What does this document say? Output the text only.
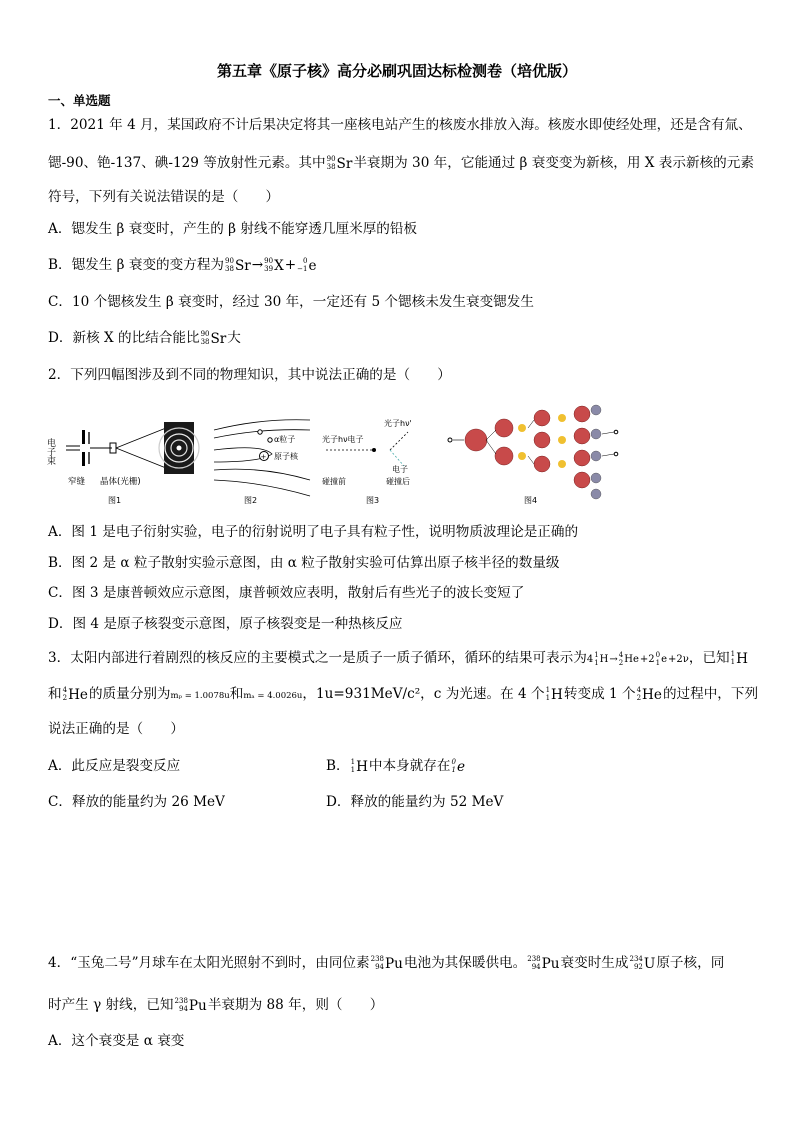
第五章《原子核》高分必刷巩固达标检测卷（培优版）
一、单选题
1．2021 年 4 月，某国政府不计后果决定将其一座核电站产生的核废水排放入海。核废水即使经处理，还是含有氚、
锶-90、铯-137、碘-129 等放射性元素。其中 90
38 Sr 半衰期为 30 年，它能通过 β 衰变变为新核，用 X 表示新核的元素
符号，下列有关说法错误的是（　　）
A．锶发生 β 衰变时，产生的 β 射线不能穿透几厘米厚的铅板
B．锶发生 β 衰变的变方程为 90
38 Sr → 90
39 X + 0
−1 e
C．10 个锶核发生 β 衰变时，经过 30 年，一定还有 5 个锶核未发生衰变锶发生
D．新核 X 的比结合能比 90
38 Sr 大
2．下列四幅图涉及到不同的物理知识，其中说法正确的是（　　）
电子束
窄缝 晶体(光栅)
图1
+
α粒子
原子核
图2
光子hν电子
光子hν'
碰撞前
电子
碰撞后
图3	图4
A．图 1 是电子衍射实验，电子的衍射说明了电子具有粒子性，说明物质波理论是正确的
B．图 2 是 α 粒子散射实验示意图，由 α 粒子散射实验可估算出原子核半径的数量级
C．图 3 是康普顿效应示意图，康普顿效应表明，散射后有些光子的波长变短了
D．图 4 是原子核裂变示意图，原子核裂变是一种热核反应
3．太阳内部进行着剧烈的核反应的主要模式之一是质子一质子循环，循环的结果可表示为4 1
1 H → 4
2 He +2 0
1 e +2ν，已知 1
1 H
和 4
2 He 的质量分别为mₚ = 1.0078u和mₐ = 4.0026u，1u=931MeV/c²，c 为光速。在 4 个 1
1 H 转变成 1 个 4
2 He 的过程中，下列
说法正确的是（　　）
A．此反应是裂变反应	B． 1
1 H 中本身就存在 0
1 e
C．释放的能量约为 26 MeV	D．释放的能量约为 52 MeV
4．“玉兔二号”月球车在太阳光照射不到时，由同位素 238
94 Pu 电池为其保暖供电。 238
94 Pu 衰变时生成 234
92 U 原子核，同
时产生 γ 射线，已知 238
94 Pu 半衰期为 88 年，则（　　）
A．这个衰变是 α 衰变
